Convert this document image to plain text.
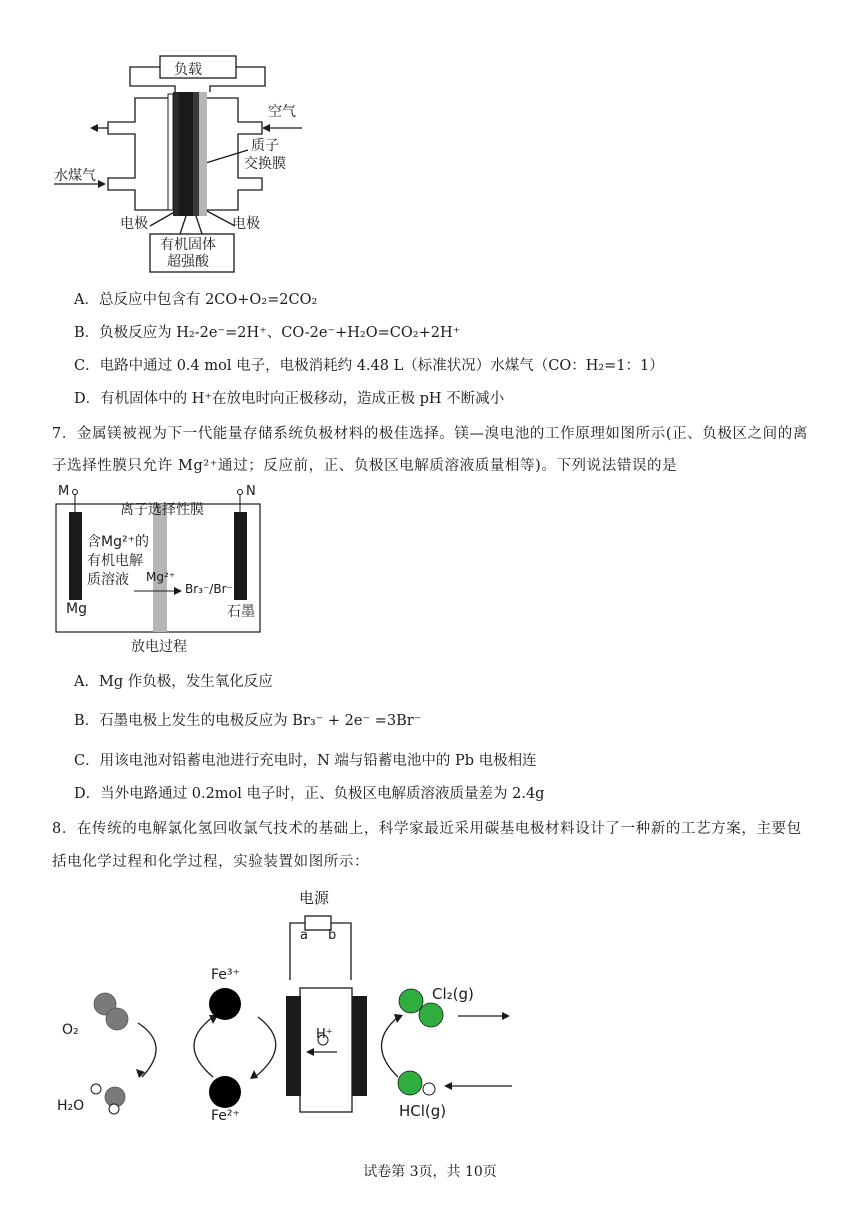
负载
空气
质子
交换膜
水煤气
电极	电极
有机固体
超强酸
A．总反应中包含有 2CO+O₂=2CO₂
B．负极反应为 H₂-2e⁻=2H⁺、CO-2e⁻+H₂O=CO₂+2H⁺
C．电路中通过 0.4 mol 电子，电极消耗约 4.48 L（标准状况）水煤气（CO：H₂=1：1）
D．有机固体中的 H⁺在放电时向正极移动，造成正极 pH 不断减小
7．金属镁被视为下一代能量存储系统负极材料的极佳选择。镁—溴电池的工作原理如图所示(正、负极区之间的离
子选择性膜只允许 Mg²⁺通过；反应前，正、负极区电解质溶液质量相等)。下列说法错误的是
M	N
离子选择性膜
含Mg²⁺的
有机电解
质溶液 Mg²⁺
Br₃⁻/Br⁻
Mg	石墨
放电过程
A．Mg 作负极，发生氧化反应
B．石墨电极上发生的电极反应为 Br₃⁻ + 2e⁻ =3Br⁻
C．用该电池对铅蓄电池进行充电时，N 端与铅蓄电池中的 Pb 电极相连
D．当外电路通过 0.2mol 电子时，正、负极区电解质溶液质量差为 2.4g
8．在传统的电解氯化氢回收氯气技术的基础上，科学家最近采用碳基电极材料设计了一种新的工艺方案，主要包
括电化学过程和化学过程，实验装置如图所示：
电源
a b
Fe³⁺
Fe²⁺
O₂
H₂O
H⁺
Cl₂(g)
HCl(g)
试卷第 3页，共 10页
